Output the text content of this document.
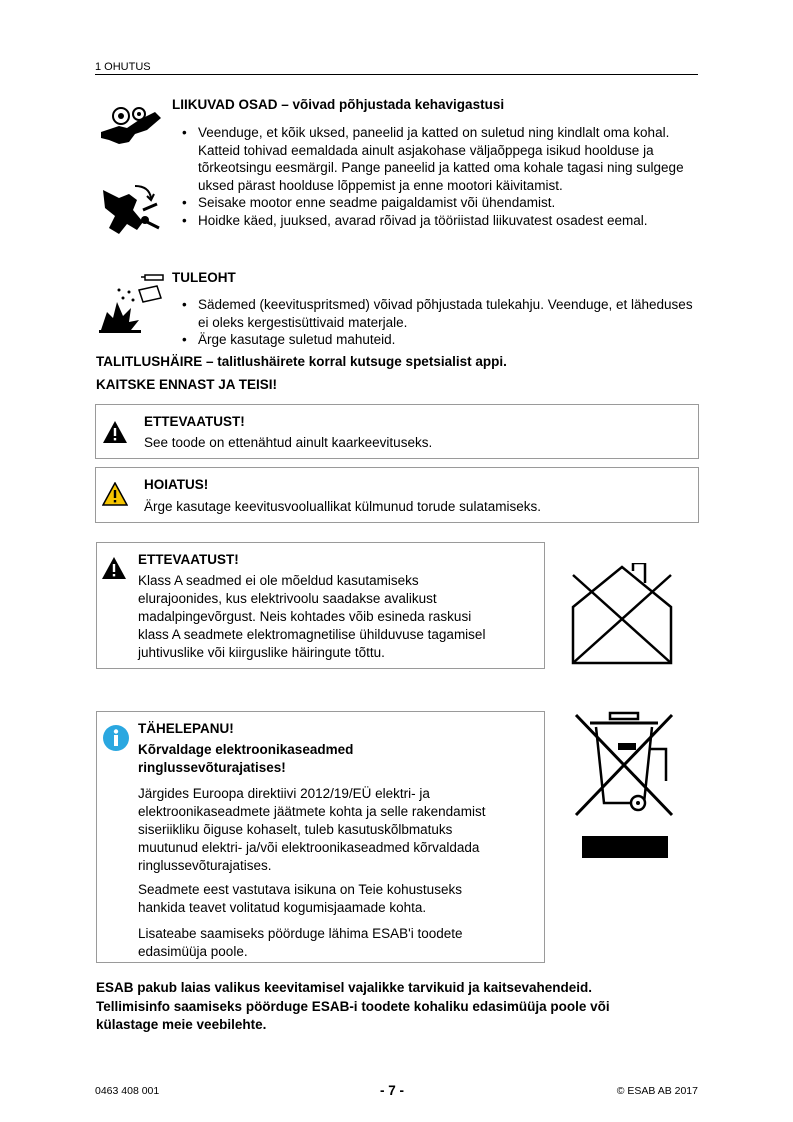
1 OHUTUS
LIIKUVAD OSAD – võivad põhjustada kehavigastusi
• Veenduge, et kõik uksed, paneelid ja katted on suletud ning kindlalt oma kohal. Katteid tohivad eemaldada ainult asjakohase väljaõppega isikud hoolduse ja tõrkeotsingu eesmärgil. Pange paneelid ja katted oma kohale tagasi ning sulgege uksed pärast hoolduse lõppemist ja enne mootori käivitamist.
• Seisake mootor enne seadme paigaldamist või ühendamist.
• Hoidke käed, juuksed, avarad rõivad ja tööriistad liikuvatest osadest eemal.
TULEOHT
• Sädemed (keevituspritsmed) võivad põhjustada tulekahju. Veenduge, et läheduses ei oleks kergestisüttivaid materjale.
• Ärge kasutage suletud mahuteid.
TALITLUSHÄIRE – talitlushäirete korral kutsuge spetsialist appi.
KAITSKE ENNAST JA TEISI!
ETTEVAATUST!
See toode on ettenähtud ainult kaarkeevituseks.
HOIATUS!
Ärge kasutage keevitusvooluallikat külmunud torude sulatamiseks.
ETTEVAATUST!
Klass A seadmed ei ole mõeldud kasutamiseks
elurajoonides, kus elektrivoolu saadakse avalikust
madalpingevõrgust. Neis kohtades võib esineda raskusi
klass A seadmete elektromagnetilise ühilduvuse tagamisel
juhtivuslike või kiirguslike häiringute tõttu.
TÄHELEPANU!
Kõrvaldage elektroonikaseadmed
ringlussevõturajatises!
Järgides Euroopa direktiivi 2012/19/EÜ elektri- ja
elektroonikaseadmete jäätmete kohta ja selle rakendamist
siseriikliku õiguse kohaselt, tuleb kasutuskõlbmatuks
muutunud elektri- ja/või elektroonikaseadmed kõrvaldada
ringlussevõturajatises.
Seadmete eest vastutava isikuna on Teie kohustuseks
hankida teavet volitatud kogumisjaamade kohta.
Lisateabe saamiseks pöörduge lähima ESAB'i toodete
edasimüüja poole.
ESAB pakub laias valikus keevitamisel vajalikke tarvikuid ja kaitsevahendeid.
Tellimisinfo saamiseks pöörduge ESAB-i toodete kohaliku edasimüüja poole või
külastage meie veebilehte.
0463 408 001	- 7 -	© ESAB AB 2017
